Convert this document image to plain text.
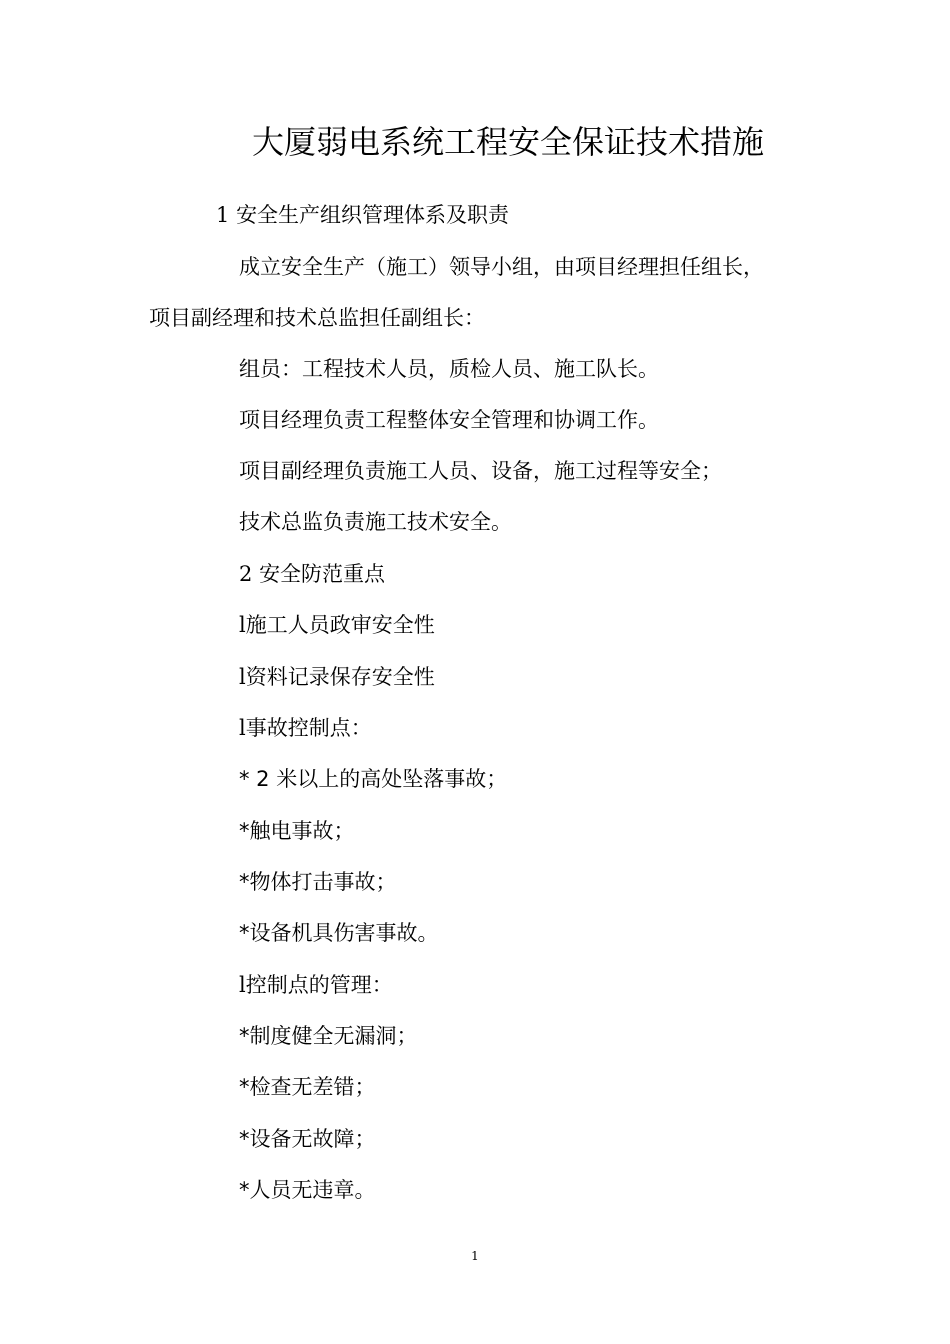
大厦弱电系统工程安全保证技术措施
1 安全生产组织管理体系及职责
成立安全生产（施工）领导小组，由项目经理担任组长，
项目副经理和技术总监担任副组长：
组员：工程技术人员，质检人员、施工队长。
项目经理负责工程整体安全管理和协调工作。
项目副经理负责施工人员、设备，施工过程等安全；
技术总监负责施工技术安全。
2 安全防范重点
l施工人员政审安全性
l资料记录保存安全性
l事故控制点：
* 2 米以上的高处坠落事故；
*触电事故；
*物体打击事故；
*设备机具伤害事故。
l控制点的管理：
*制度健全无漏洞；
*检查无差错；
*设备无故障；
*人员无违章。
1
